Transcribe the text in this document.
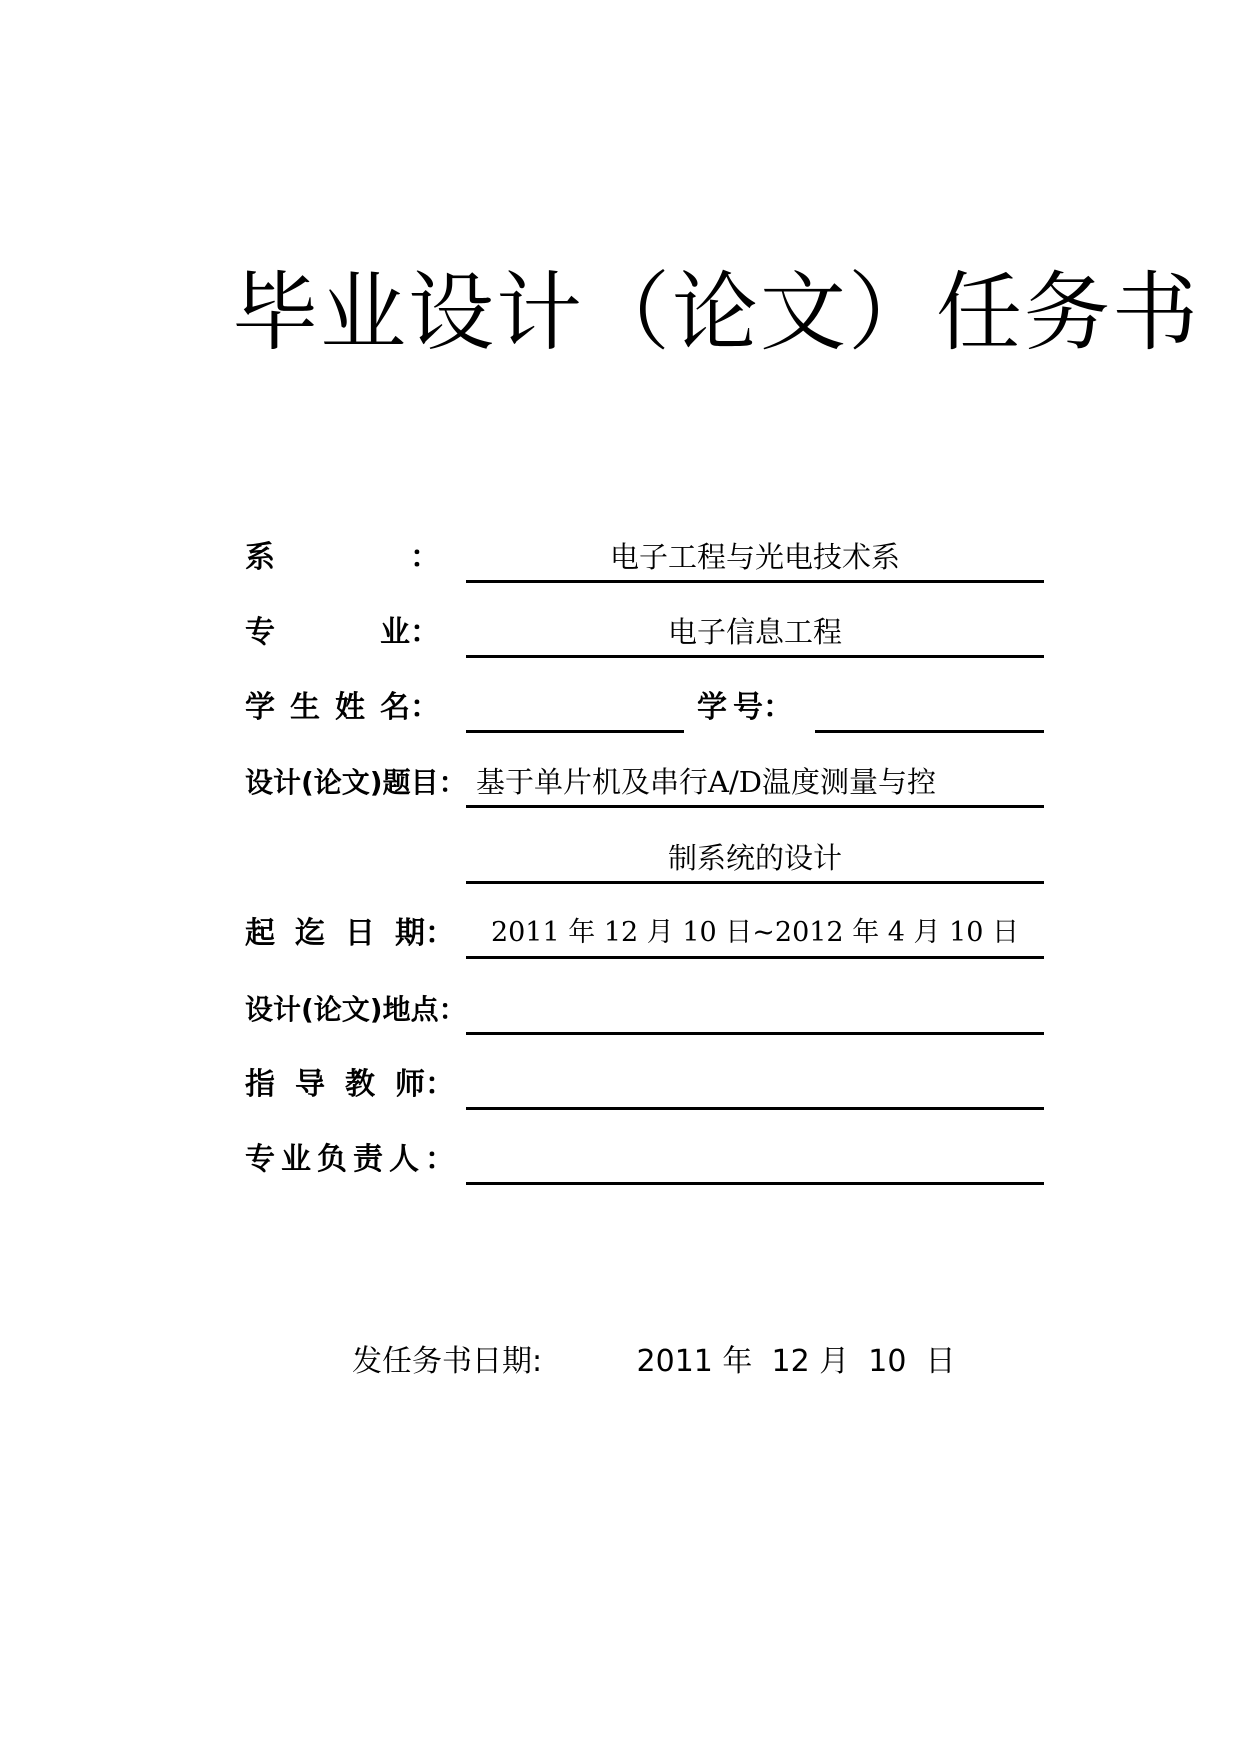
毕业设计（论文）任务书
系	：	电子工程与光电技术系
专	业：	电子信息工程
学 生 姓 名：	学 号：
设计(论文)题目： 基于单片机及串行A/D温度测量与控
制系统的设计
起 迄 日 期：	2011 年 12 月 10 日~2012 年 4 月 10 日
设计(论文)地点：
指 导 教 师：
专 业 负 责 人 ：
发任务书日期:	2011 年  12 月  10  日
